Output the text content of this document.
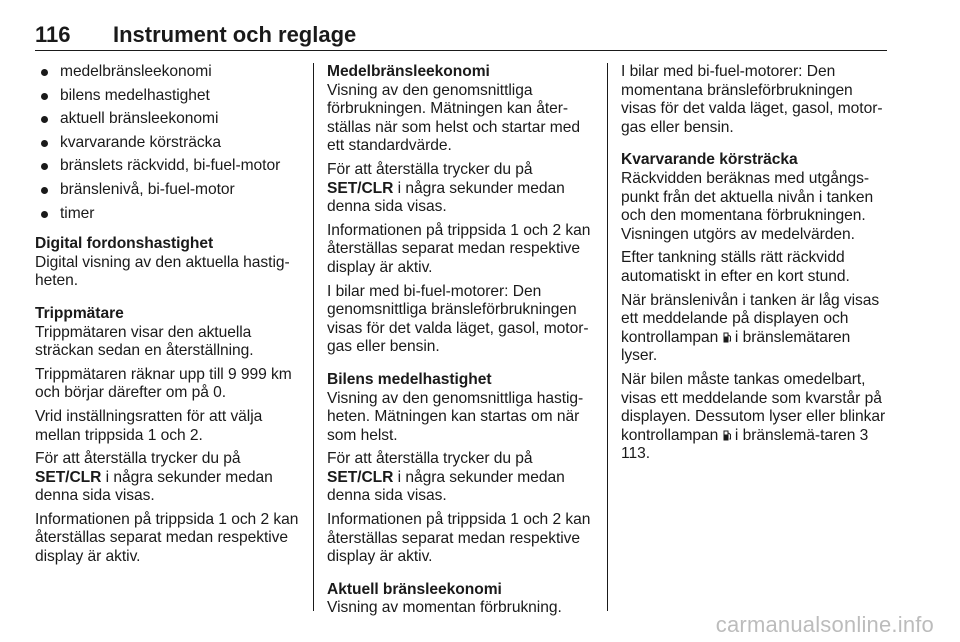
116 Instrument och reglage
medelbränsleekonomi
bilens medelhastighet
aktuell bränsleekonomi
kvarvarande körsträcka
bränslets räckvidd, bi-fuel-motor
bränslenivå, bi-fuel-motor
timer

Digital fordonshastighet
Digital visning av den aktuella hastig-heten.

Trippmätare
Trippmätaren visar den aktuella sträckan sedan en återställning.

Trippmätaren räknar upp till 9 999 km och börjar därefter om på 0.

Vrid inställningsratten för att välja mellan trippsida 1 och 2.

För att återställa trycker du på SET/CLR i några sekunder medan denna sida visas.

Informationen på trippsida 1 och 2 kan återställas separat medan respektive display är aktiv.

Medelbränsleekonomi
Visning av den genomsnittliga förbrukningen. Mätningen kan åter-ställas när som helst och startar med ett standardvärde.

För att återställa trycker du på SET/CLR i några sekunder medan denna sida visas.

Informationen på trippsida 1 och 2 kan återställas separat medan respektive display är aktiv.

I bilar med bi-fuel-motorer: Den genomsnittliga bränsleförbrukningen visas för det valda läget, gasol, motor-gas eller bensin.

Bilens medelhastighet
Visning av den genomsnittliga hastig-heten. Mätningen kan startas om när som helst.

För att återställa trycker du på SET/CLR i några sekunder medan denna sida visas.

Informationen på trippsida 1 och 2 kan återställas separat medan respektive display är aktiv.

Aktuell bränsleekonomi
Visning av momentan förbrukning.

I bilar med bi-fuel-motorer: Den momentana bränsleförbrukningen visas för det valda läget, gasol, motor-gas eller bensin.

Kvarvarande körsträcka
Räckvidden beräknas med utgångs-punkt från det aktuella nivån i tanken och den momentana förbrukningen. Visningen utgörs av medelvärden.

Efter tankning ställs rätt räckvidd automatiskt in efter en kort stund.

När bränslenivån i tanken är låg visas ett meddelande på displayen och kontrollampan  i bränslemätaren lyser.

När bilen måste tankas omedelbart, visas ett meddelande som kvarstår på displayen. Dessutom lyser eller blinkar kontrollampan  i bränslemä-taren 3 113.

carmanualsonline.info
